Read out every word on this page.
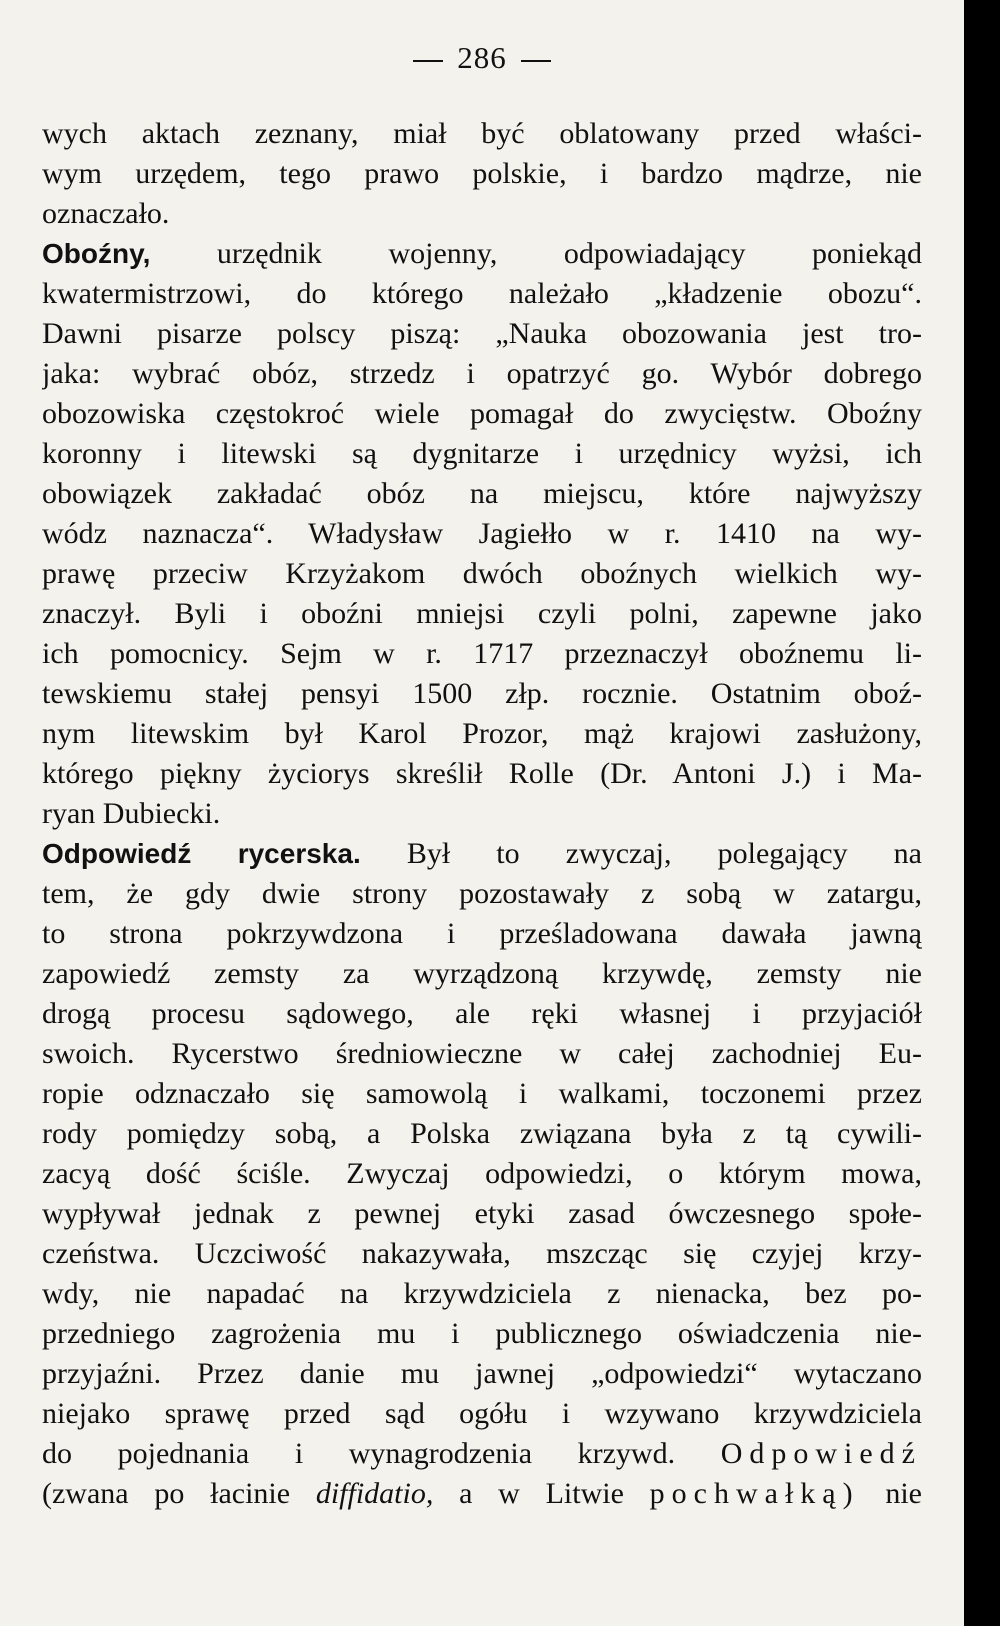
286
wych aktach zeznany, miał być oblatowany przed właści-
wym urzędem, tego prawo polskie, i bardzo mądrze, nie
oznaczało.
Oboźny, urzędnik wojenny, odpowiadający poniekąd
kwatermistrzowi, do którego należało „kładzenie obozu“.
Dawni pisarze polscy piszą: „Nauka obozowania jest tro-
jaka: wybrać obóz, strzedz i opatrzyć go. Wybór dobrego
obozowiska częstokroć wiele pomagał do zwycięstw. Oboźny
koronny i litewski są dygnitarze i urzędnicy wyżsi, ich
obowiązek zakładać obóz na miejscu, które najwyższy
wódz naznacza“. Władysław Jagiełło w r. 1410 na wy-
prawę przeciw Krzyżakom dwóch oboźnych wielkich wy-
znaczył. Byli i oboźni mniejsi czyli polni, zapewne jako
ich pomocnicy. Sejm w r. 1717 przeznaczył oboźnemu li-
tewskiemu stałej pensyi 1500 złp. rocznie. Ostatnim oboź-
nym litewskim był Karol Prozor, mąż krajowi zasłużony,
którego piękny życiorys skreślił Rolle (Dr. Antoni J.) i Ma-
ryan Dubiecki.
Odpowiedź rycerska. Był to zwyczaj, polegający na
tem, że gdy dwie strony pozostawały z sobą w zatargu,
to strona pokrzywdzona i prześladowana dawała jawną
zapowiedź zemsty za wyrządzoną krzywdę, zemsty nie
drogą procesu sądowego, ale ręki własnej i przyjaciół
swoich. Rycerstwo średniowieczne w całej zachodniej Eu-
ropie odznaczało się samowolą i walkami, toczonemi przez
rody pomiędzy sobą, a Polska związana była z tą cywili-
zacyą dość ściśle. Zwyczaj odpowiedzi, o którym mowa,
wypływał jednak z pewnej etyki zasad ówczesnego społe-
czeństwa. Uczciwość nakazywała, mszcząc się czyjej krzy-
wdy, nie napadać na krzywdziciela z nienacka, bez po-
przedniego zagrożenia mu i publicznego oświadczenia nie-
przyjaźni. Przez danie mu jawnej „odpowiedzi“ wytaczano
niejako sprawę przed sąd ogółu i wzywano krzywdziciela
do pojednania i wynagrodzenia krzywd. Odpowiedź
(zwana po łacinie diffidatio, a w Litwie pochwałką) nie
